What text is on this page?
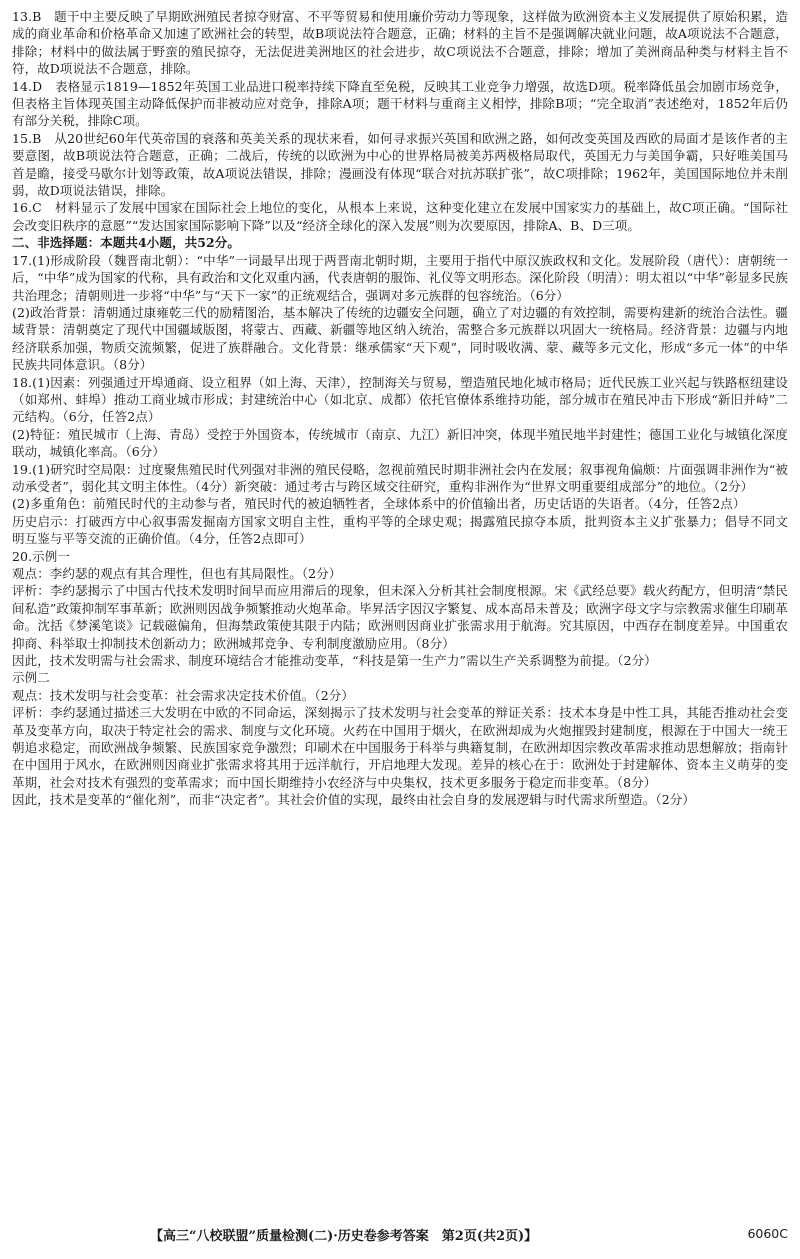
13.B　题干中主要反映了早期欧洲殖民者掠夺财富、不平等贸易和使用廉价劳动力等现象，这样做为欧洲资本主义发展提供了原始积累，造成的商业革命和价格革命又加速了欧洲社会的转型，故B项说法符合题意，正确；材料的主旨不是强调解决就业问题，故A项说法不合题意，排除；材料中的做法属于野蛮的殖民掠夺，无法促进美洲地区的社会进步，故C项说法不合题意，排除；增加了美洲商品种类与材料主旨不符，故D项说法不合题意，排除。

14.D　表格显示1819—1852年英国工业品进口税率持续下降直至免税，反映其工业竞争力增强，故选D项。税率降低虽会加剧市场竞争，但表格主旨体现英国主动降低保护而非被动应对竞争，排除A项；题干材料与重商主义相悖，排除B项；“完全取消”表述绝对，1852年后仍有部分关税，排除C项。

15.B　从20世纪60年代英帝国的衰落和英美关系的现状来看，如何寻求振兴英国和欧洲之路，如何改变英国及西欧的局面才是该作者的主要意图，故B项说法符合题意，正确；二战后，传统的以欧洲为中心的世界格局被美苏两极格局取代，英国无力与美国争霸，只好唯美国马首是瞻，接受马歇尔计划等政策，故A项说法错误，排除；漫画没有体现“联合对抗苏联扩张”，故C项排除；1962年，美国国际地位并未削弱，故D项说法错误，排除。

16.C　材料显示了发展中国家在国际社会上地位的变化，从根本上来说，这种变化建立在发展中国家实力的基础上，故C项正确。“国际社会改变旧秩序的意愿”“发达国家国际影响下降”以及“经济全球化的深入发展”则为次要原因，排除A、B、D三项。

二、非选择题：本题共4小题，共52分。

17.(1)形成阶段（魏晋南北朝）：“中华”一词最早出现于两晋南北朝时期，主要用于指代中原汉族政权和文化。发展阶段（唐代）：唐朝统一后，“中华”成为国家的代称，具有政治和文化双重内涵，代表唐朝的服饰、礼仪等文明形态。深化阶段（明清）：明太祖以“中华”彰显多民族共治理念；清朝则进一步将“中华”与“天下一家”的正统观结合，强调对多元族群的包容统治。（6分）

(2)政治背景：清朝通过康雍乾三代的励精图治，基本解决了传统的边疆安全问题，确立了对边疆的有效控制，需要构建新的统治合法性。疆域背景：清朝奠定了现代中国疆域版图，将蒙古、西藏、新疆等地区纳入统治，需整合多元族群以巩固大一统格局。经济背景：边疆与内地经济联系加强，物质交流频繁，促进了族群融合。文化背景：继承儒家“天下观”，同时吸收满、蒙、藏等多元文化，形成“多元一体”的中华民族共同体意识。（8分）

18.(1)因素：列强通过开埠通商、设立租界（如上海、天津），控制海关与贸易，塑造殖民地化城市格局；近代民族工业兴起与铁路枢纽建设（如郑州、蚌埠）推动工商业城市形成；封建统治中心（如北京、成都）依托官僚体系维持功能，部分城市在殖民冲击下形成“新旧并峙”二元结构。（6分，任答2点）

(2)特征：殖民城市（上海、青岛）受控于外国资本，传统城市（南京、九江）新旧冲突，体现半殖民地半封建性；德国工业化与城镇化深度联动，城镇化率高。（6分）

19.(1)研究时空局限：过度聚焦殖民时代列强对非洲的殖民侵略，忽视前殖民时期非洲社会内在发展；叙事视角偏颇：片面强调非洲作为“被动承受者”，弱化其文明主体性。（4分）新突破：通过考古与跨区域交往研究，重构非洲作为“世界文明重要组成部分”的地位。（2分）

(2)多重角色：前殖民时代的主动参与者，殖民时代的被迫牺牲者，全球体系中的价值输出者，历史话语的失语者。（4分，任答2点）

历史启示：打破西方中心叙事需发掘南方国家文明自主性，重构平等的全球史观；揭露殖民掠夺本质，批判资本主义扩张暴力；倡导不同文明互鉴与平等交流的正确价值。（4分，任答2点即可）

20.示例一

观点：李约瑟的观点有其合理性，但也有其局限性。（2分）

评析：李约瑟揭示了中国古代技术发明时间早而应用滞后的现象，但未深入分析其社会制度根源。宋《武经总要》载火药配方，但明清“禁民间私造”政策抑制军事革新；欧洲则因战争频繁推动火炮革命。毕昇活字因汉字繁复、成本高昂未普及；欧洲字母文字与宗教需求催生印刷革命。沈括《梦溪笔谈》记载磁偏角，但海禁政策使其限于内陆；欧洲则因商业扩张需求用于航海。究其原因，中西存在制度差异。中国重农抑商、科举取士抑制技术创新动力；欧洲城邦竞争、专利制度激励应用。（8分）

因此，技术发明需与社会需求、制度环境结合才能推动变革，“科技是第一生产力”需以生产关系调整为前提。（2分）

示例二

观点：技术发明与社会变革：社会需求决定技术价值。（2分）

评析：李约瑟通过描述三大发明在中欧的不同命运，深刻揭示了技术发明与社会变革的辩证关系：技术本身是中性工具，其能否推动社会变革及变革方向，取决于特定社会的需求、制度与文化环境。火药在中国用于烟火，在欧洲却成为火炮摧毁封建制度，根源在于中国大一统王朝追求稳定，而欧洲战争频繁、民族国家竞争激烈；印刷术在中国服务于科举与典籍复制，在欧洲却因宗教改革需求推动思想解放；指南针在中国用于风水，在欧洲则因商业扩张需求将其用于远洋航行，开启地理大发现。差异的核心在于：欧洲处于封建解体、资本主义萌芽的变革期，社会对技术有强烈的变革需求；而中国长期维持小农经济与中央集权，技术更多服务于稳定而非变革。（8分）

因此，技术是变革的“催化剂”，而非“决定者”。其社会价值的实现，最终由社会自身的发展逻辑与时代需求所塑造。（2分）

【高三“八校联盟”质量检测(二)·历史卷参考答案　第2页(共2页)】	6060C
